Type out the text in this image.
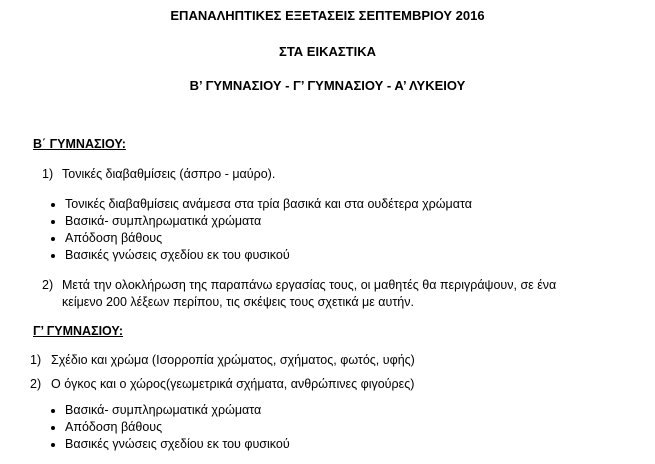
ΕΠΑΝΑΛΗΠΤΙΚΕΣ ΕΞΕΤΑΣΕΙΣ ΣΕΠΤΕΜΒΡΙΟΥ 2016
ΣΤΑ ΕΙΚΑΣΤΙΚΑ
Β’ ΓΥΜΝΑΣΙΟΥ - Γ’ ΓΥΜΝΑΣΙΟΥ - Α’ ΛΥΚΕΙΟΥ
Β΄ ΓΥΜΝΑΣΙΟΥ:
1) Τονικές διαβαθμίσεις (άσπρο - μαύρο).
Τονικές διαβαθμίσεις ανάμεσα στα τρία βασικά και στα ουδέτερα χρώματα
Βασικά- συμπληρωματικά χρώματα
Απόδοση βάθους
Βασικές γνώσεις σχεδίου εκ του φυσικού
2) Μετά την ολοκλήρωση της παραπάνω εργασίας τους, οι μαθητές θα περιγράψουν, σε ένα
κείμενο 200 λέξεων περίπου, τις σκέψεις τους σχετικά με αυτήν.
Γ’ ΓΥΜΝΑΣΙΟΥ:
1) Σχέδιο και χρώμα (Ισορροπία χρώματος, σχήματος, φωτός, υφής)
2) Ο όγκος και ο χώρος(γεωμετρικά σχήματα, ανθρώπινες φιγούρες)
Βασικά- συμπληρωματικά χρώματα
Απόδοση βάθους
Βασικές γνώσεις σχεδίου εκ του φυσικού
